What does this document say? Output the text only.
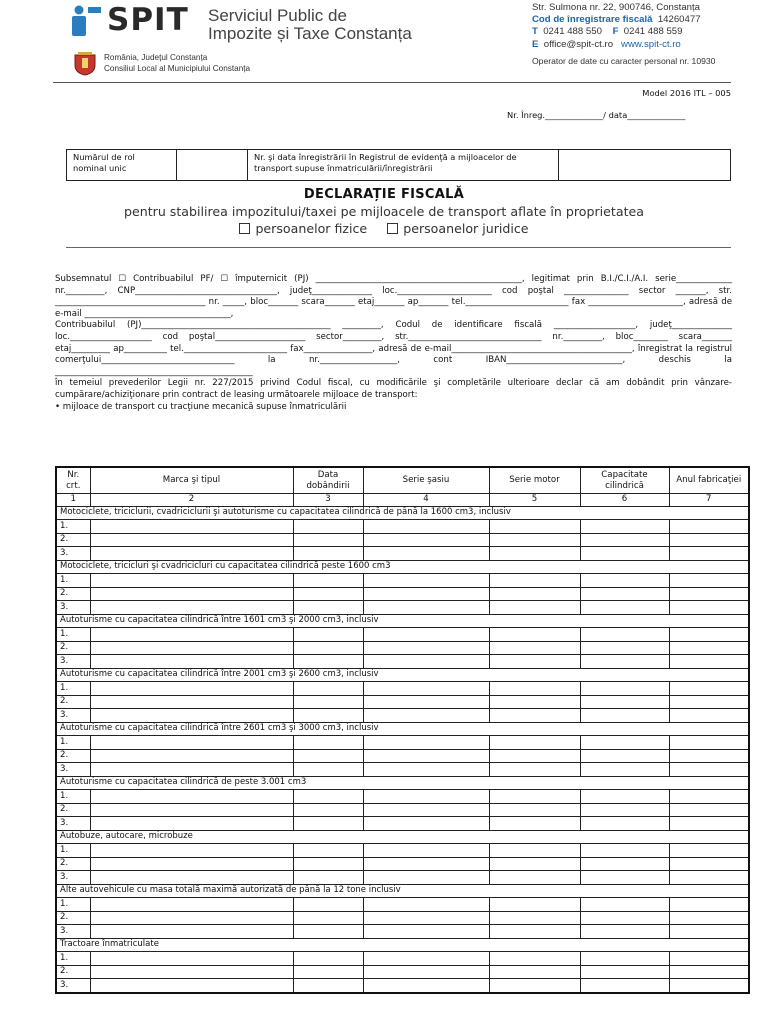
SPIT Serviciul Public de
Impozite și Taxe Constanța
România, Județul Constanța
Consiliul Local al Municipiului Constanța
Str. Sulmona nr. 22, 900746, Constanța
Cod de înregistrare fiscală 14260477
T 0241 488 550 F 0241 488 559
E office@spit-ct.ro www.spit-ct.ro
Operator de date cu caracter personal nr. 10930
Model 2016 ITL – 005
Nr. Înreg.______________/ data______________
Numărul de rol nominal unic		Nr. şi data înregistrării în Registrul de evidenţă a mijloacelor de transport supuse înmatriculării/înregistrării	
DECLARAȚIE FISCALĂ
pentru stabilirea impozitului/taxei pe mijloacele de transport aflate în proprietatea
persoanelor fizice	persoanelor juridice

Subsemnatul ☐ Contribuabilul PF/ ☐ împuternicit (PJ) ________________________________________________, legitimat prin B.I./C.I./A.I. serie_____________ nr._________, CNP_________________________________, judeţ______________ loc.______________________ cod poştal _______________ sector _______, str. ___________________________________ nr. _____, bloc_______ scara_______ etaj_______ ap_______ tel.________________________ fax ______________________, adresă de e-mail __________________________________,

Contribuabilul (PJ)____________________________________________ _________, Codul de identificare fiscală ___________________, judeţ______________ loc.___________________ cod poştal_____________________ sector_________, str._______________________________ nr._________, bloc________ scara_______ etaj_________ ap__________ tel.________________________ fax________________, adresă de e-mail__________________________________________, înregistrat la registrul comerţului_______________________________ la nr.__________________, cont IBAN___________________________, deschis la ______________________________________________

în temeiul prevederilor Legii nr. 227/2015 privind Codul fiscal, cu modificările şi completările ulterioare declar că am dobândit prin vânzare-cumpărare/achiziţionare prin contract de leasing următoarele mijloace de transport:

• mijloace de transport cu tracţiune mecanică supuse înmatriculării

Nr. crt.	Marca şi tipul	Data dobândirii	Serie şasiu	Serie motor	Capacitate cilindrică	Anul fabricaţiei
1	2	3	4	5	6	7
Motociclete, triciclurii, cvadriciclurii şi autoturisme cu capacitatea cilindrică de până la 1600 cm3, inclusiv						
1.						
2.						
3.						
Motociclete, tricicluri şi cvadricicluri cu capacitatea cilindrică peste 1600 cm3						
1.						
2.						
3.						
Autoturisme cu capacitatea cilindrică între 1601 cm3 şi 2000 cm3, inclusiv						
1.						
2.						
3.						
Autoturisme cu capacitatea cilindrică între 2001 cm3 şi 2600 cm3, inclusiv						
1.						
2.						
3.						
Autoturisme cu capacitatea cilindrică între 2601 cm3 şi 3000 cm3, inclusiv						
1.						
2.						
3.						
Autoturisme cu capacitatea cilindrică de peste 3.001 cm3						
1.						
2.						
3.						
Autobuze, autocare, microbuze						
1.						
2.						
3.						
Alte autovehicule cu masa totală maximă autorizată de până la 12 tone inclusiv						
1.						
2.						
3.						
Tractoare înmatriculate						
1.						
2.						
3.						
